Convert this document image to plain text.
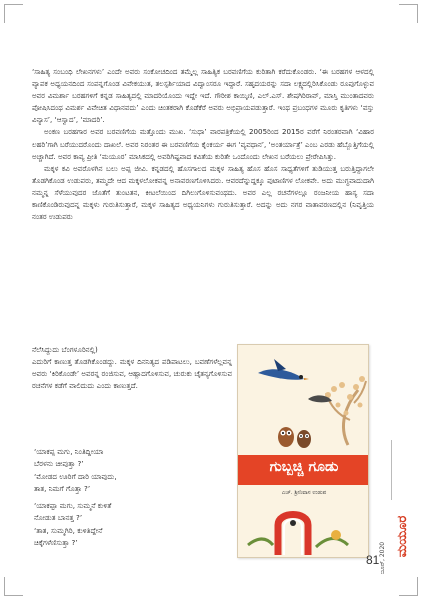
‘ಸಾಹಿತ್ಯ ಸಂಬಂಧಿ ಲೇಖನಗಳು’ ಎಂದೇ ಅವರು ಸಂಕೋಚದಿಂದ ತಮ್ಮೆಲ್ಲ ಸಾಹಿತ್ಯಿಕ ಬರವಣಿಗೆಯ ಕುರಿತಾಗಿ ಕರೆದುಕೊಂಡರು. ‘ಈ ಬರಹಗಳ ಆಳದಲ್ಲಿ ವ್ಯಾಪಕ ಅಧ್ಯಯನದಿಂದ ಸಂಪನ್ನಗೊಂಡ ವಿವೇಕಯುತ, ತಲಸ್ಪರ್ಶಿಯಾದ ವಿದ್ವಾಂಸರೂ ಇದ್ದಾರೆ. ಸಹೃದಯರನ್ನು ಸದಾ ಲಕ್ಷ್ಯದಲ್ಲಿರಿಸಿಕೊಂಡು ರೂಪುಗೊಳ್ಳುವ ಅವರ ವಿಮರ್ಶಾ ಬರಹಗಳಿಗೆ ಕನ್ನಡ ಸಾಹಿತ್ಯದಲ್ಲಿ ಮಾದರಿಯೊಂದು ಇದ್ದೇ ಇದೆ. ಗೌರೀಶ ಕಾಯ್ಕಿಣಿ, ಎಲ್.ಎಸ್. ಶೇಷಗಿರಿರಾವ್, ಮಾಸ್ತಿ ಮುಂತಾದವರು ಪೋಷಿಸಿದಂಥ ವಿಮರ್ಶ ವಿವೇಚಿತ ವಿಧಾನವದು’ ಎಂದು ಚಿಂತಕರಾಗಿ ಕೊಡೆಕೆರೆ ಅವರು ಅಭಿಪ್ರಾಯಪಡುತ್ತಾರೆ. ಇಂಥ ಪ್ರಬಂಧಗಳ ಮೂರು ಕೃತಿಗಳು ‘ವಸ್ತು ವಿನ್ಯಾಸ’, ‘ಆಸ್ವಾದ’, ‘ಮಾದರಿ’.

ಅಂಕಣ ಬರಹಗಾರ ಅವರ ಬರವಣಿಗೆಯ ಮತ್ತೊಂದು ಮುಖ. ‘ಸುಧಾ’ ವಾರಪತ್ರಿಕೆಯಲ್ಲಿ 2005ರಿಂದ 2015ರ ವರೆಗೆ ನಿರಂತರವಾಗಿ ‘ವಿಹಾರ ಲಹರಿ’ಗಾಗಿ ಬರೆಯುದರೊಂದು ದಾಖಲೆ. ಅವರ ನಿರಂತರ ಈ ಬರವಣಿಗೆಯ ಕೈಂಕರ್ಯ ಈಗ ‘ವ್ಯವಧಾನ’, ‘ಅಂತರ್ಯಾತ್ರೆ’ ಎಂಬ ಎರಡು ಹೆಬ್ಬೊತ್ತಿಗೆಯಲ್ಲಿ ಅಚ್ಚಾಗಿದೆ. ಅವರ ಕಾವ್ಯ ಪ್ರೀತಿ ‘ಮಯೂರ’ ಮಾಸಿಕದಲ್ಲಿ ಅವರಿಗಿಷ್ಟವಾದ ಕವಿತೆಯ ಕುರಿತೇ ಒಂದೊಂದು ಲೇಖನ ಬರೆಯಲು ಪ್ರೇರೇಪಿಸಿತ್ತು.

ಮಕ್ಕಳ ಕವಿ ಅವರೊಳಗಿನ ಬಲು ಅಪ್ಪ ಜೀವಿ. ಕನ್ನಡದಲ್ಲಿ ಹೊಸಗಾಲದ ಮಕ್ಕಳ ಸಾಹಿತ್ಯ ಹೊಸ ಹೊಸ ಸಾಧ್ಯತೆಗಳಿಗೆ ತುಡಿಯುತ್ತ ಬರುತ್ತಿದ್ದಾಗಲೇ ತೊಡಗಿಕೊಂಡ ಉಡುಪರು, ತಮ್ಮದೇ ಆದ ಮಕ್ಕಳಲೋಕವನ್ನ ಅನಾವರಣಗೊಳಿಸಿದರು. ಆವರದೆನ್ನುದ್ದಕ್ಕೂ ಪುಟಾಣಿಗಳ ಲೋಕವೇ. ಅದು ಮುಗ್ಧವಾದುದಾಗಿ ನಮ್ಮನ್ನ ಸೆಳೆಯುವುದರ ಜೊತೆಗೆ ತುಂಟತನ, ಕೀಟಲೆಯಿಂದ ದಿಗಿಲುಗೊಳಿಸುವಂಥದು. ಅವರ ಎಲ್ಲ ರಚನೆಗಳಲ್ಲೂ ರಂಜನೀಯ ಹಾಸ್ಯ ಸದಾ ಕಾಣಿಕೊಂಡಿರುವುದನ್ನ ಮಕ್ಕಳು ಗುರುತಿಸುತ್ತಾರೆ, ಮಕ್ಕಳ ಸಾಹಿತ್ಯದ ಅಧ್ಯಯನಿಗಳು ಗುರುತಿಸುತ್ತಾರೆ. ಅದನ್ನು ಅದು ನಗರ ವಾತಾವರಣದಲ್ಲಿನ (ನಿವೃತ್ತಿಯ ನಂತರ ಉಡುಪರು

ನೆಲೆಸಿದ್ದುದು ಬೆಂಗಳೂರಿನಲ್ಲಿ)
ಎದುರಿಗೆ ಕಾಣುತ್ತ ತೊಡಗಿಕೊಂಡದ್ದು. ಮಕ್ಕಳ ದಿನನಿತ್ಯದ ಪಡಿಪಾಟಲು, ಬವಣೆಗಳೆಲ್ಲವನ್ನ ಅವರು ‘ಕಿರಿಕೊಂಡೇ’ ಅವರನ್ನ ರಂಜಿಸುವ, ಆಹ್ಲಾದಗೊಳಿಸುವ, ಚುರುಕು ಚೈತನ್ಯಗೊಳಿಸುವ ರಚನೆಗಳ ಕಡೆಗೆ ವಾಲಿದುದು ಎಂದು ಕಾಣುತ್ತದೆ.
‘ಯಾಕಪ್ಪ ಮಗು, ನಿಂತಿದ್ದೀಯಾ
ಬೆರಳನು ಚೀಪುತ್ತಾ ?’
‘ಮೋಡದ ಊರಿಗೆ ದಾರಿ ಯಾವುದು,
ತಾತ, ನಿಮಗೆ ಗೊತ್ತಾ ?’
‘ಯಾಕಪ್ಪಾ ಮಗು, ಸುಮ್ಮನೆ ಕುಳಿತೆ
ನೋಡುತ ಬಾನತ್ತ ?’
‘ತಾತ, ಸುಮ್ಮಗಿರಿ, ಕುಳಿತಿದ್ದೇನೆ
ಚಿಕ್ಕೆಗಳೆಣಿಸುತ್ತಾ ?’
ಗುಬ್ಬಚ್ಚಿ ಗೂಡು
ಎಚ್. ಶ್ರೀನಿವಾಸ ಉಡುಪ
ಜೂನ್, 2020
ಮಯೂರ
81
